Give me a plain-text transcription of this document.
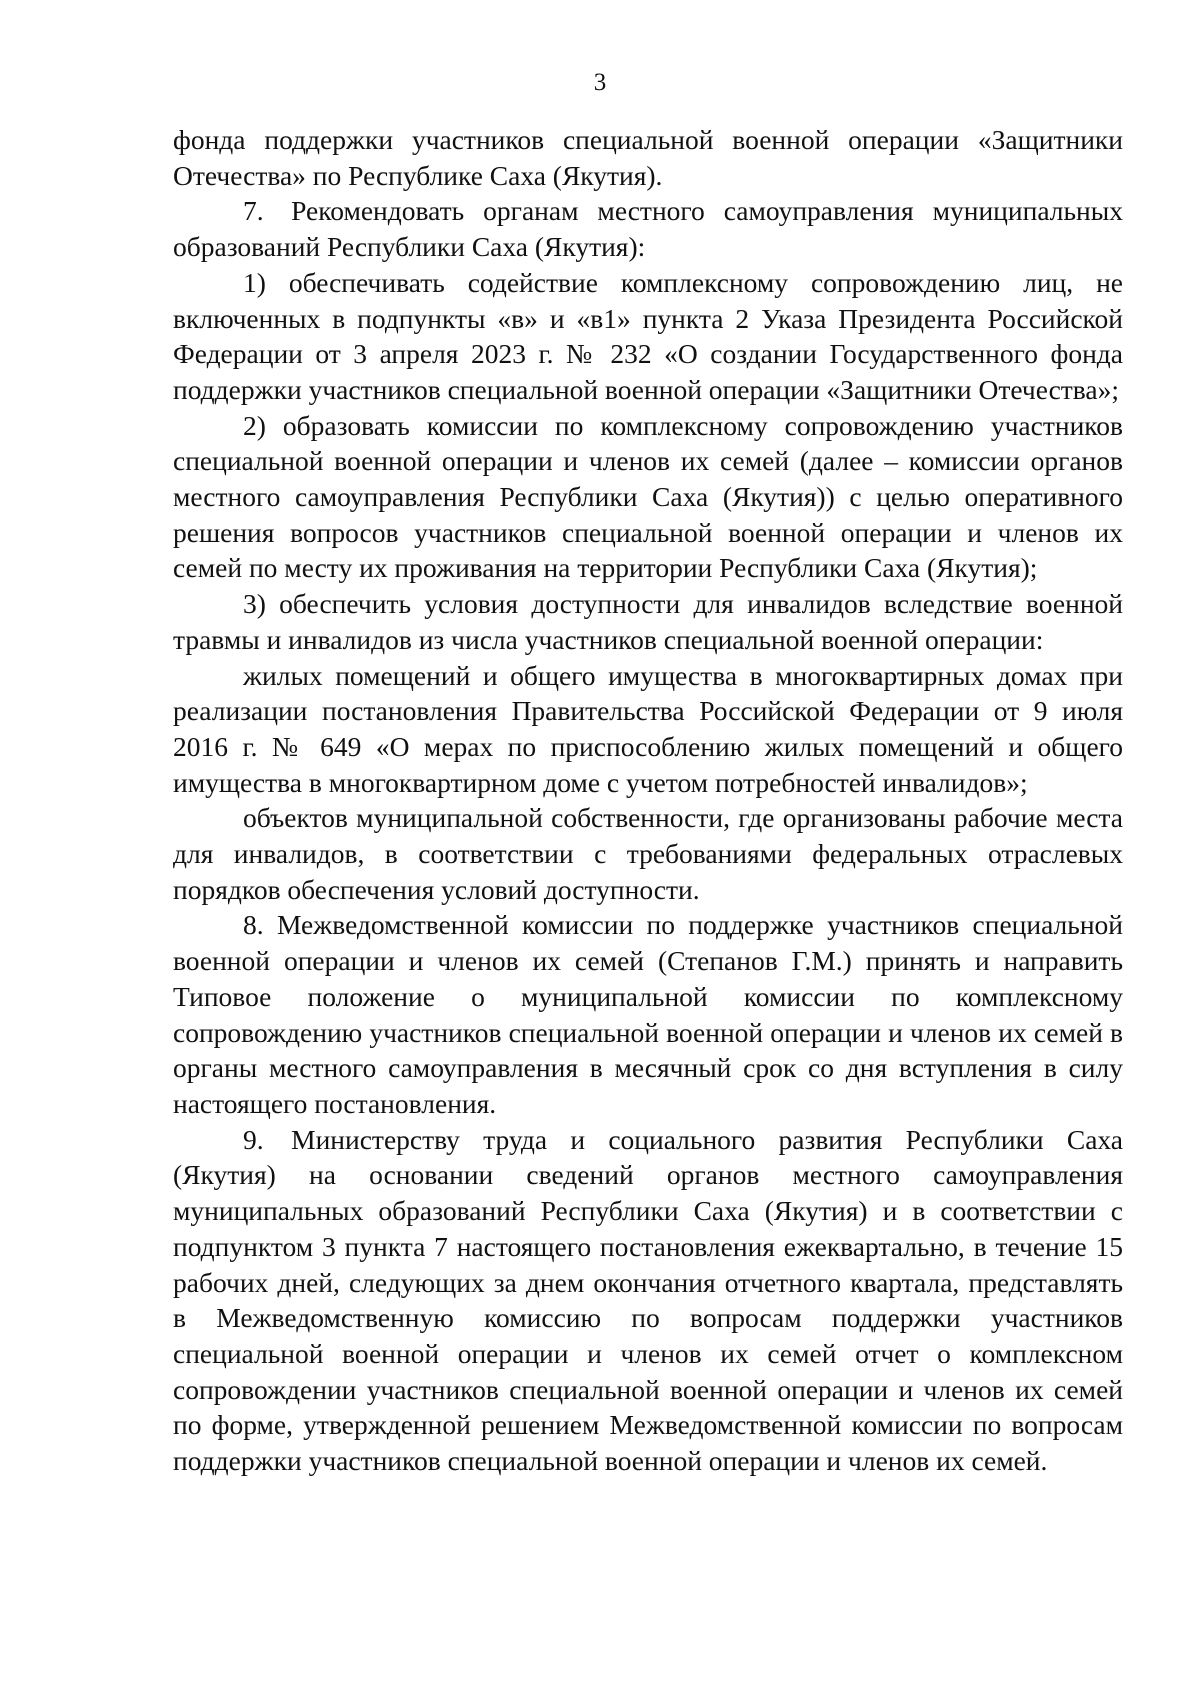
3

фонда поддержки участников специальной военной операции «Защитники Отечества» по Республике Саха (Якутия).

7. Рекомендовать органам местного самоуправления муниципальных образований Республики Саха (Якутия):

1) обеспечивать содействие комплексному сопровождению лиц, не включенных в подпункты «в» и «в1» пункта 2 Указа Президента Российской Федерации от 3 апреля 2023 г. № 232 «О создании Государственного фонда поддержки участников специальной военной операции «Защитники Отечества»;

2) образовать комиссии по комплексному сопровождению участников специальной военной операции и членов их семей (далее – комиссии органов местного самоуправления Республики Саха (Якутия)) с целью оперативного решения вопросов участников специальной военной операции и членов их семей по месту их проживания на территории Республики Саха (Якутия);

3) обеспечить условия доступности для инвалидов вследствие военной травмы и инвалидов из числа участников специальной военной операции:

жилых помещений и общего имущества в многоквартирных домах при реализации постановления Правительства Российской Федерации от 9 июля 2016 г. № 649 «О мерах по приспособлению жилых помещений и общего имущества в многоквартирном доме с учетом потребностей инвалидов»;

объектов муниципальной собственности, где организованы рабочие места для инвалидов, в соответствии с требованиями федеральных отраслевых порядков обеспечения условий доступности.

8. Межведомственной комиссии по поддержке участников специальной военной операции и членов их семей (Степанов Г.М.) принять и направить Типовое положение о муниципальной комиссии по комплексному сопровождению участников специальной военной операции и членов их семей в органы местного самоуправления в месячный срок со дня вступления в силу настоящего постановления.

9. Министерству труда и социального развития Республики Саха (Якутия) на основании сведений органов местного самоуправления муниципальных образований Республики Саха (Якутия) и в соответствии с подпунктом 3 пункта 7 настоящего постановления ежеквартально, в течение 15 рабочих дней, следующих за днем окончания отчетного квартала, представлять в Межведомственную комиссию по вопросам поддержки участников специальной военной операции и членов их семей отчет о комплексном сопровождении участников специальной военной операции и членов их семей по форме, утвержденной решением Межведомственной комиссии по вопросам поддержки участников специальной военной операции и членов их семей.
